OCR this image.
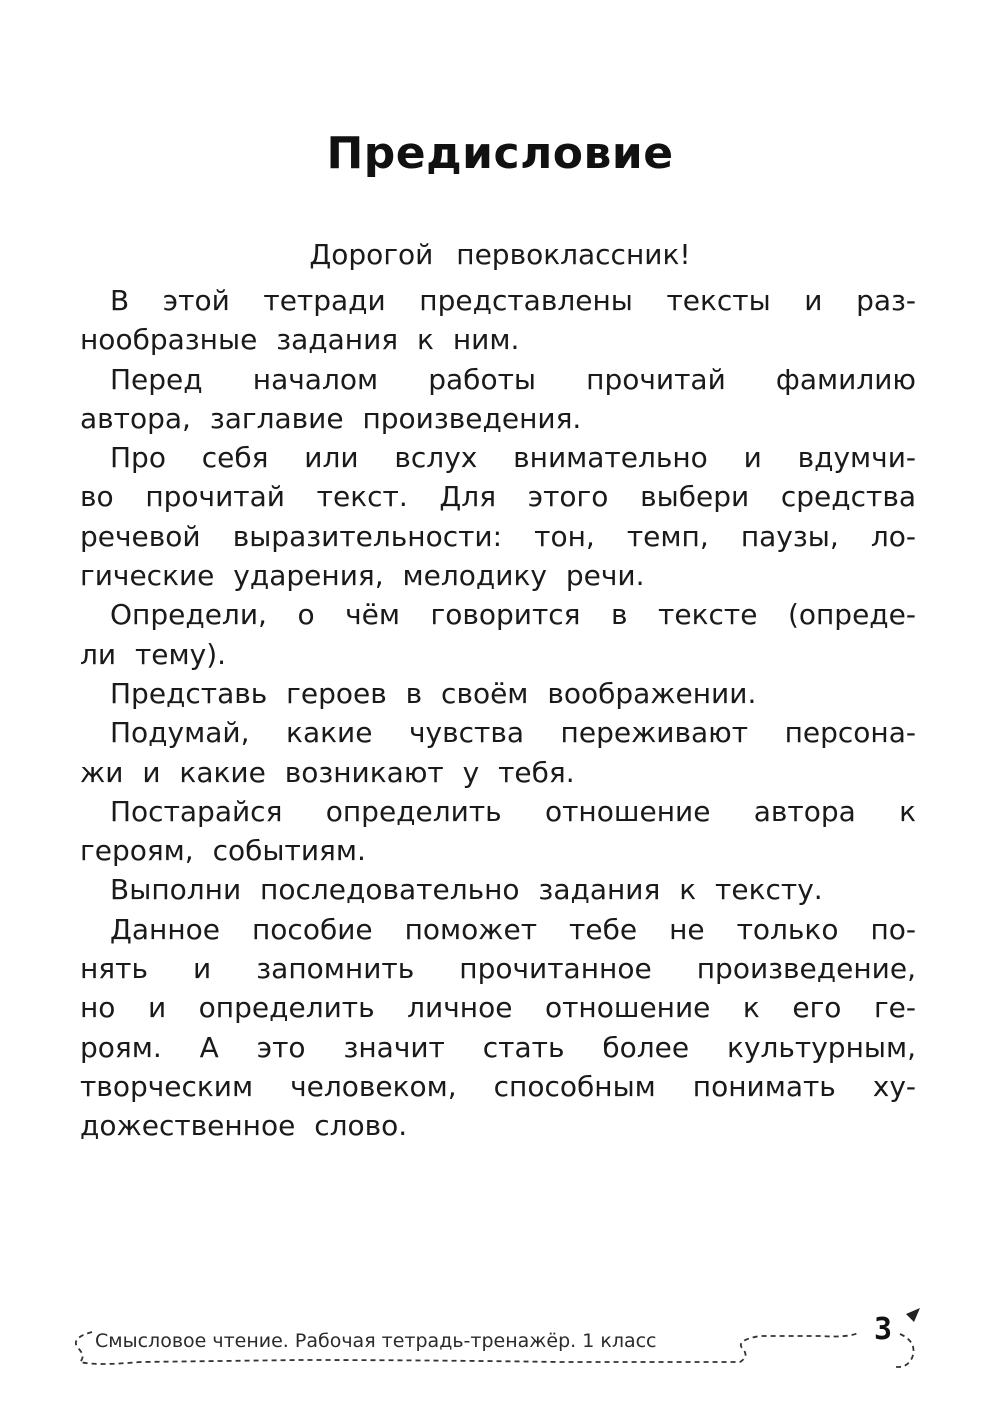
Предисловие
Дорогой первоклассник!
В этой тетради представлены тексты и раз-
нообразные задания к ним.
Перед началом работы прочитай фамилию
автора, заглавие произведения.
Про себя или вслух внимательно и вдумчи-
во прочитай текст. Для этого выбери средства
речевой выразительности: тон, темп, паузы, ло-
гические ударения, мелодику речи.
Определи, о чём говорится в тексте (опреде-
ли тему).
Представь героев в своём воображении.
Подумай, какие чувства переживают персона-
жи и какие возникают у тебя.
Постарайся определить отношение автора к
героям, событиям.
Выполни последовательно задания к тексту.
Данное пособие поможет тебе не только по-
нять и запомнить прочитанное произведение,
но и определить личное отношение к его ге-
роям. А это значит стать более культурным,
творческим человеком, способным понимать ху-
дожественное слово.
Смысловое чтение. Рабочая тетрадь-тренажёр. 1 класс	3
